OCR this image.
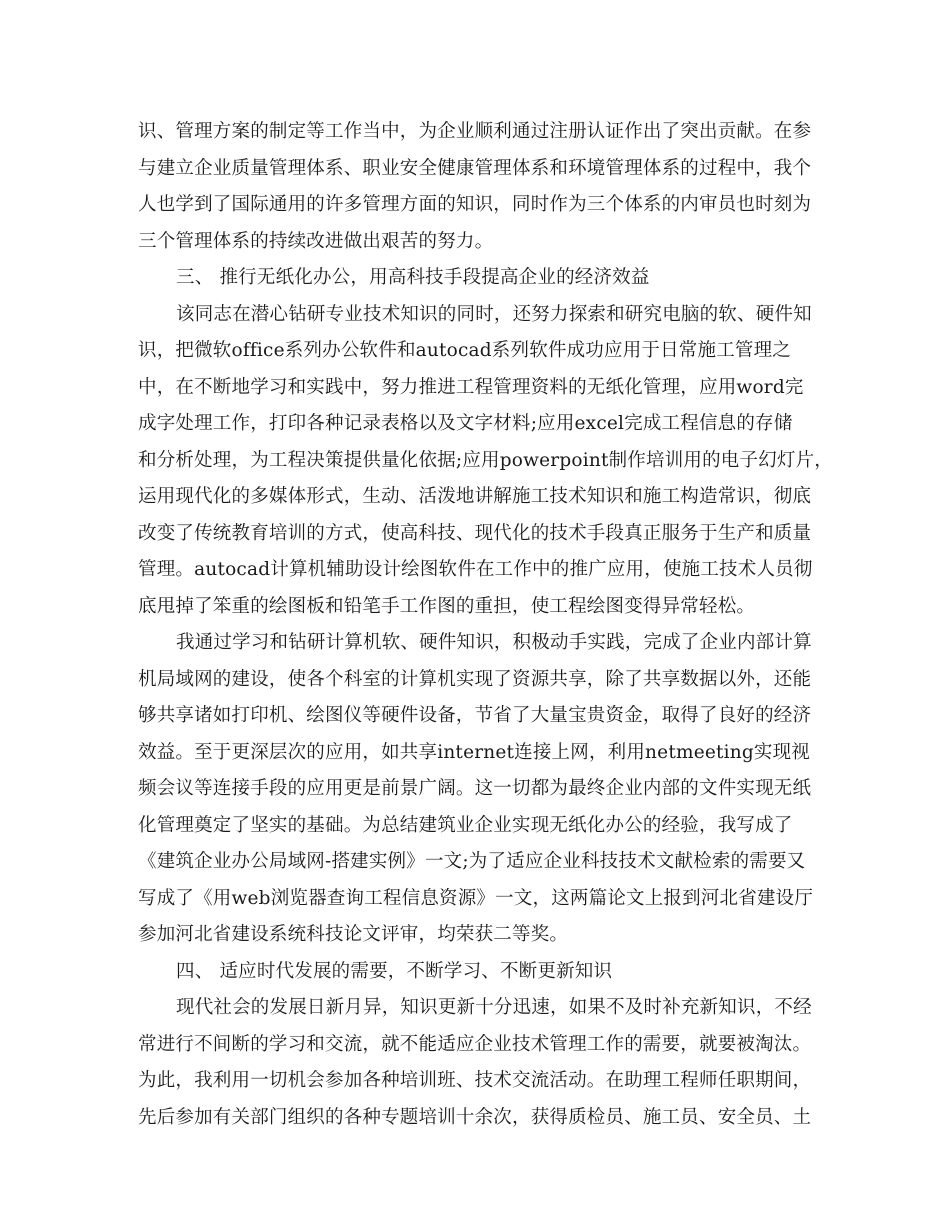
识、管理方案的制定等工作当中，为企业顺利通过注册认证作出了突出贡献。在参
与建立企业质量管理体系、职业安全健康管理体系和环境管理体系的过程中，我个
人也学到了国际通用的许多管理方面的知识，同时作为三个体系的内审员也时刻为
三个管理体系的持续改进做出艰苦的努力。
三、 推行无纸化办公，用高科技手段提高企业的经济效益
该同志在潜心钻研专业技术知识的同时，还努力探索和研究电脑的软、硬件知
识，把微软office系列办公软件和autocad系列软件成功应用于日常施工管理之
中，在不断地学习和实践中，努力推进工程管理资料的无纸化管理，应用word完
成字处理工作，打印各种记录表格以及文字材料;应用excel完成工程信息的存储
和分析处理，为工程决策提供量化依据;应用powerpoint制作培训用的电子幻灯片，
运用现代化的多媒体形式，生动、活泼地讲解施工技术知识和施工构造常识，彻底
改变了传统教育培训的方式，使高科技、现代化的技术手段真正服务于生产和质量
管理。autocad计算机辅助设计绘图软件在工作中的推广应用，使施工技术人员彻
底甩掉了笨重的绘图板和铅笔手工作图的重担，使工程绘图变得异常轻松。
我通过学习和钻研计算机软、硬件知识，积极动手实践，完成了企业内部计算
机局域网的建设，使各个科室的计算机实现了资源共享，除了共享数据以外，还能
够共享诸如打印机、绘图仪等硬件设备，节省了大量宝贵资金，取得了良好的经济
效益。至于更深层次的应用，如共享internet连接上网，利用netmeeting实现视
频会议等连接手段的应用更是前景广阔。这一切都为最终企业内部的文件实现无纸
化管理奠定了坚实的基础。为总结建筑业企业实现无纸化办公的经验，我写成了
《建筑企业办公局域网-搭建实例》一文;为了适应企业科技技术文献检索的需要又
写成了《用web浏览器查询工程信息资源》一文，这两篇论文上报到河北省建设厅
参加河北省建设系统科技论文评审，均荣获二等奖。
四、 适应时代发展的需要，不断学习、不断更新知识
现代社会的发展日新月异，知识更新十分迅速，如果不及时补充新知识，不经
常进行不间断的学习和交流，就不能适应企业技术管理工作的需要，就要被淘汰。
为此，我利用一切机会参加各种培训班、技术交流活动。在助理工程师任职期间，
先后参加有关部门组织的各种专题培训十余次，获得质检员、施工员、安全员、土
